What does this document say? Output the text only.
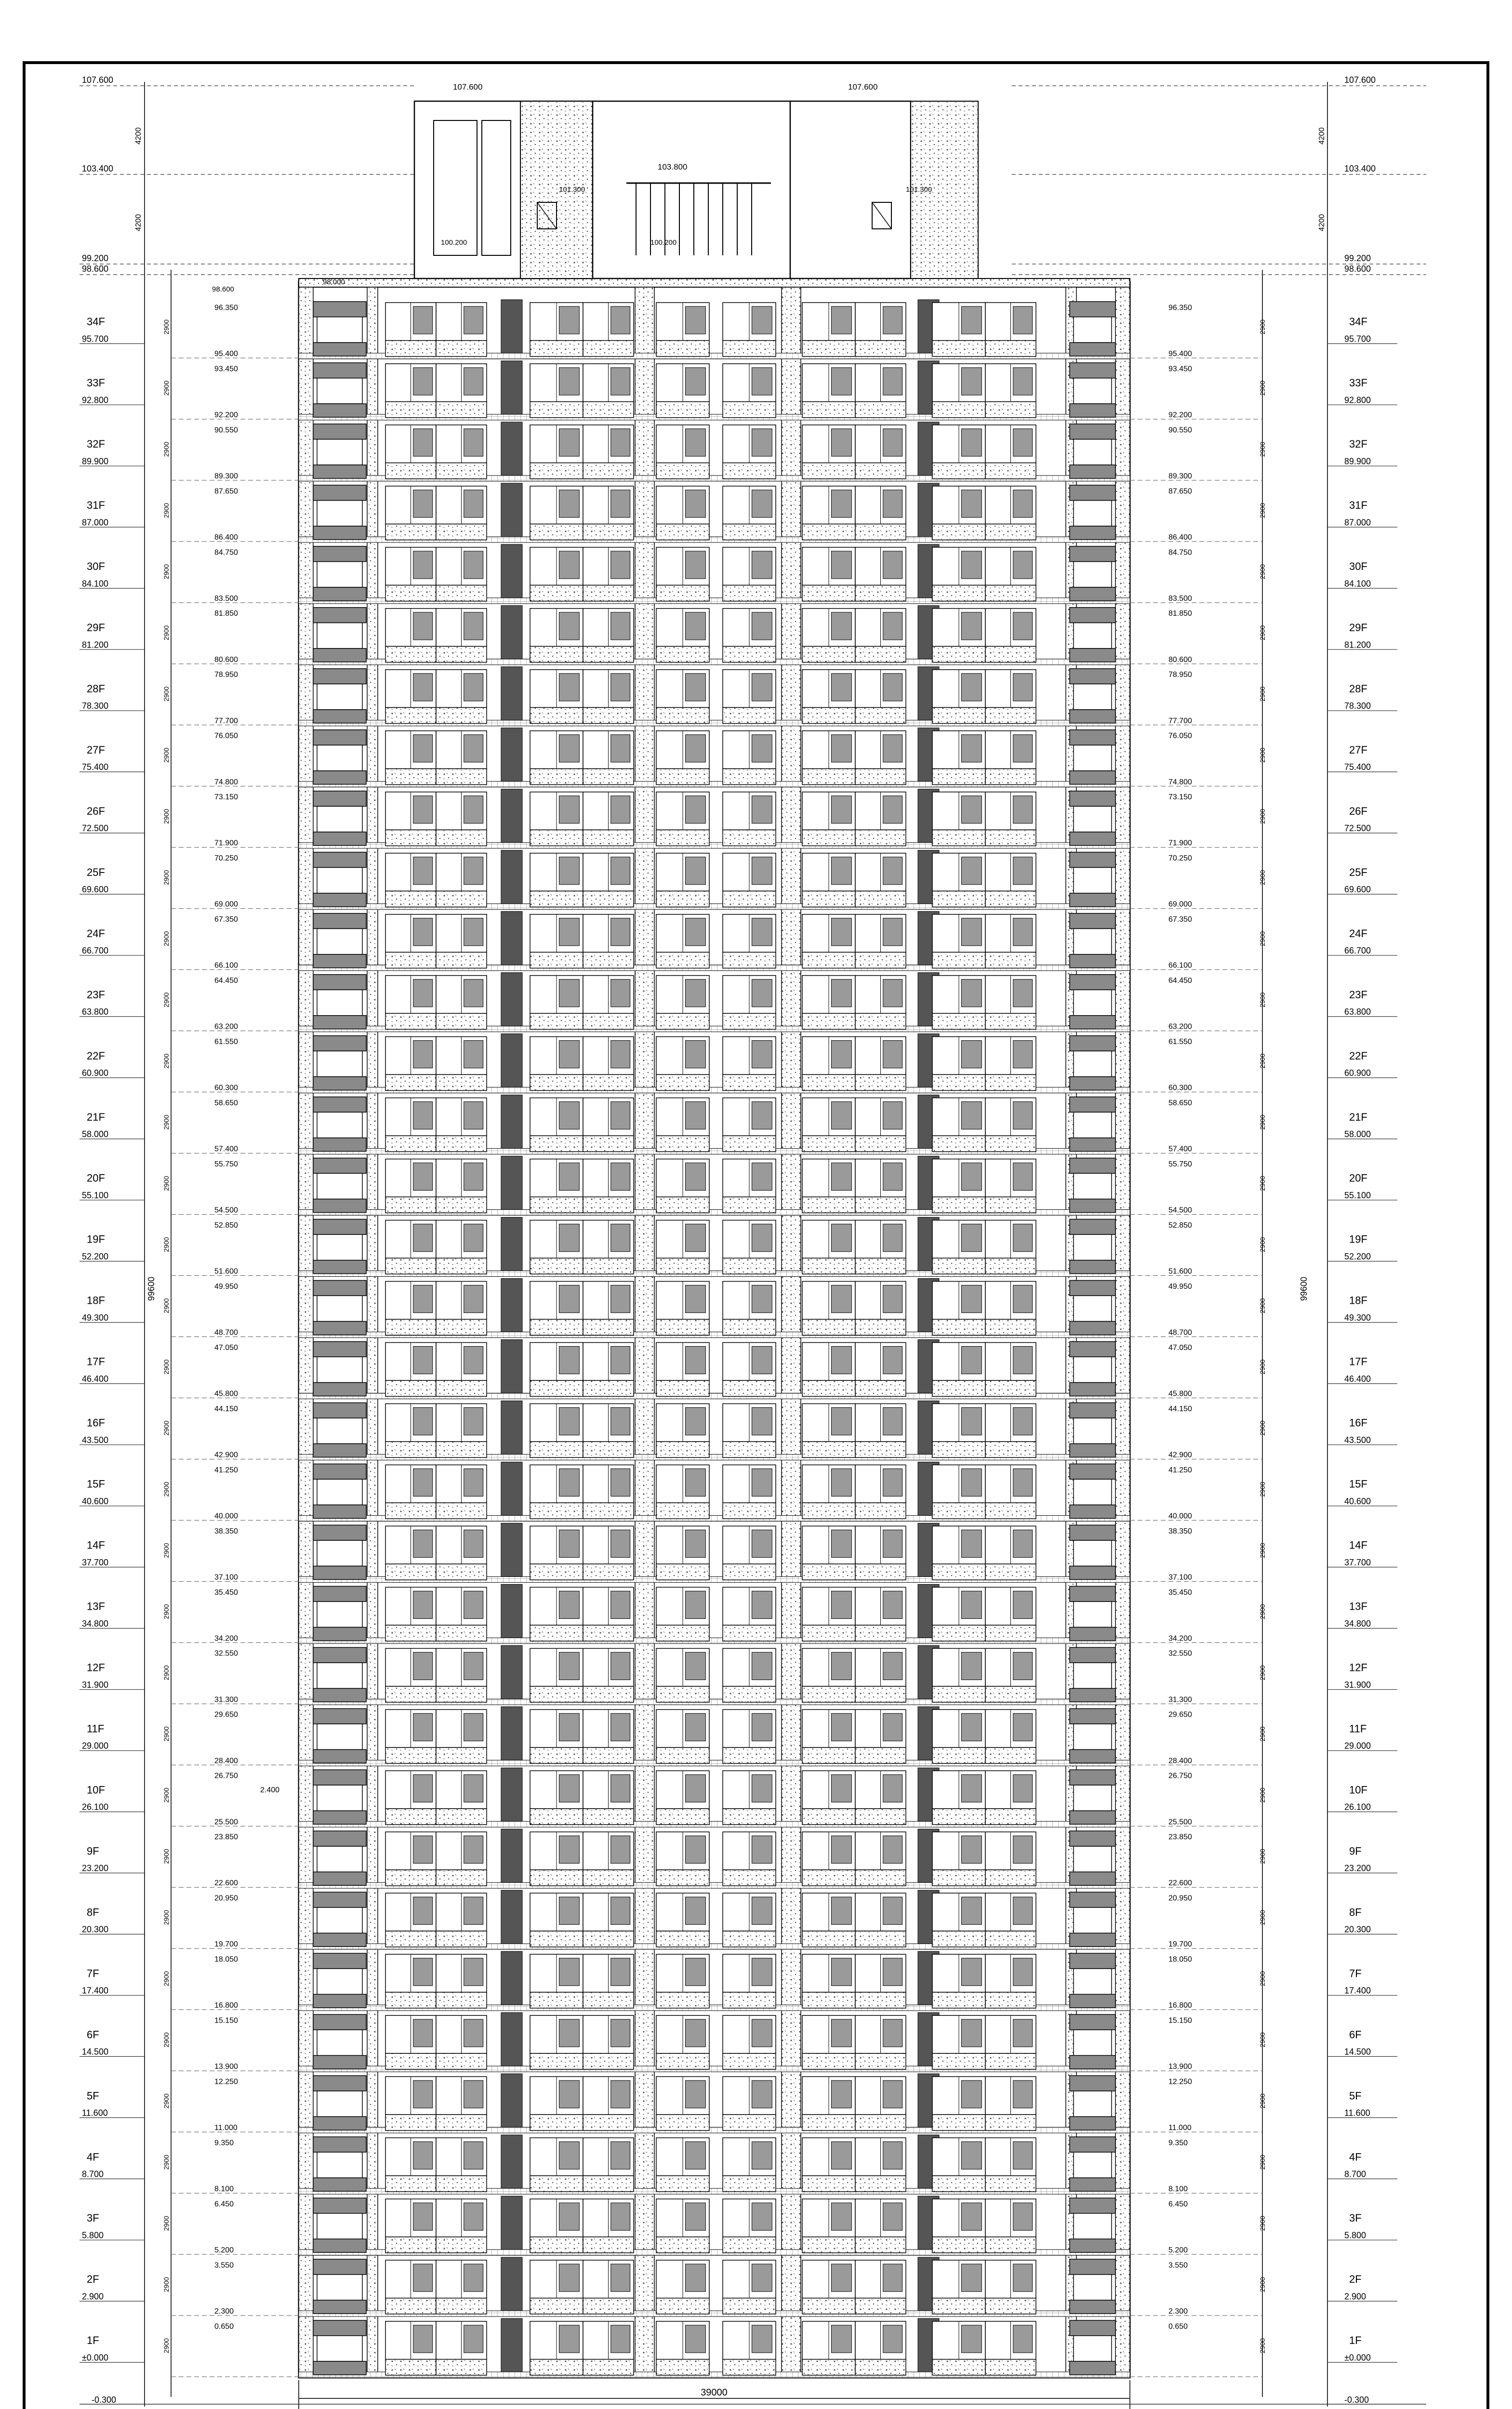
107.600	107.600
103.800
100.200	100.200
101.300	101.300
98.600
98.000
107.600
103.400
99.200
98.600
4200
4200
34F
95.700
96.350
95.400
2900
33F
92.800
93.450
92.200
2900
32F
89.900
90.550
89.300
2900
31F
87.000
87.650
86.400
2900
30F
84.100
84.750
83.500
2900
29F
81.200
81.850
80.600
2900
28F
78.300
78.950
77.700
2900
27F
75.400
76.050
74.800
2900
26F
72.500
73.150
71.900
2900
25F
69.600
70.250
69.000
2900
24F
66.700
67.350
66.100
2900
23F
63.800
64.450
63.200
2900
22F
60.900
61.550
60.300
2900
21F
58.000
58.650
57.400
2900
20F
55.100
55.750
54.500
2900
19F
52.200
52.850
51.600
2900
18F
49.300
49.950
48.700
2900
17F
46.400
47.050
45.800
2900
16F
43.500
44.150
42.900
2900
15F
40.600
41.250
40.000
2900
14F
37.700
38.350
37.100
2900
13F
34.800
35.450
34.200
2900
12F
31.900
32.550
31.300
2900
11F
29.000
29.650
28.400
2900
10F
26.100
26.750
25.500
2900
9F
23.200
23.850
22.600
2900
8F
20.300
20.950
19.700
2900
7F
17.400
18.050
16.800
2900
6F
14.500
15.150
13.900
2900
5F
11.600
12.250
11.000
2900
4F
8.700
9.350
8.100
2900
3F
5.800
6.450
5.200
2900
2F
2.900
3.550
2.300
2900
1F
±0.000
0.650
2900
99600
-0.300
2.400
107.600
103.400
99.200
98.600
4200
4200
34F
95.700
96.350
95.400
2900
33F
92.800
93.450
92.200
2900
32F
89.900
90.550
89.300
2900
31F
87.000
87.650
86.400
2900
30F
84.100
84.750
83.500
2900
29F
81.200
81.850
80.600
2900
28F
78.300
78.950
77.700
2900
27F
75.400
76.050
74.800
2900
26F
72.500
73.150
71.900
2900
25F
69.600
70.250
69.000
2900
24F
66.700
67.350
66.100
2900
23F
63.800
64.450
63.200
2900
22F
60.900
61.550
60.300
2900
21F
58.000
58.650
57.400
2900
20F
55.100
55.750
54.500
2900
19F
52.200
52.850
51.600
2900
18F
49.300
49.950
48.700
2900
17F
46.400
47.050
45.800
2900
16F
43.500
44.150
42.900
2900
15F
40.600
41.250
40.000
2900
14F
37.700
38.350
37.100
2900
13F
34.800
35.450
34.200
2900
12F
31.900
32.550
31.300
2900
11F
29.000
29.650
28.400
2900
10F
26.100
26.750
25.500
2900
9F
23.200
23.850
22.600
2900
8F
20.300
20.950
19.700
2900
7F
17.400
18.050
16.800
2900
6F
14.500
15.150
13.900
2900
5F
11.600
12.250
11.000
2900
4F
8.700
9.350
8.100
2900
3F
5.800
6.450
5.200
2900
2F
2.900
3.550
2.300
2900
1F
±0.000
0.650
2900
99600
-0.300
39000
